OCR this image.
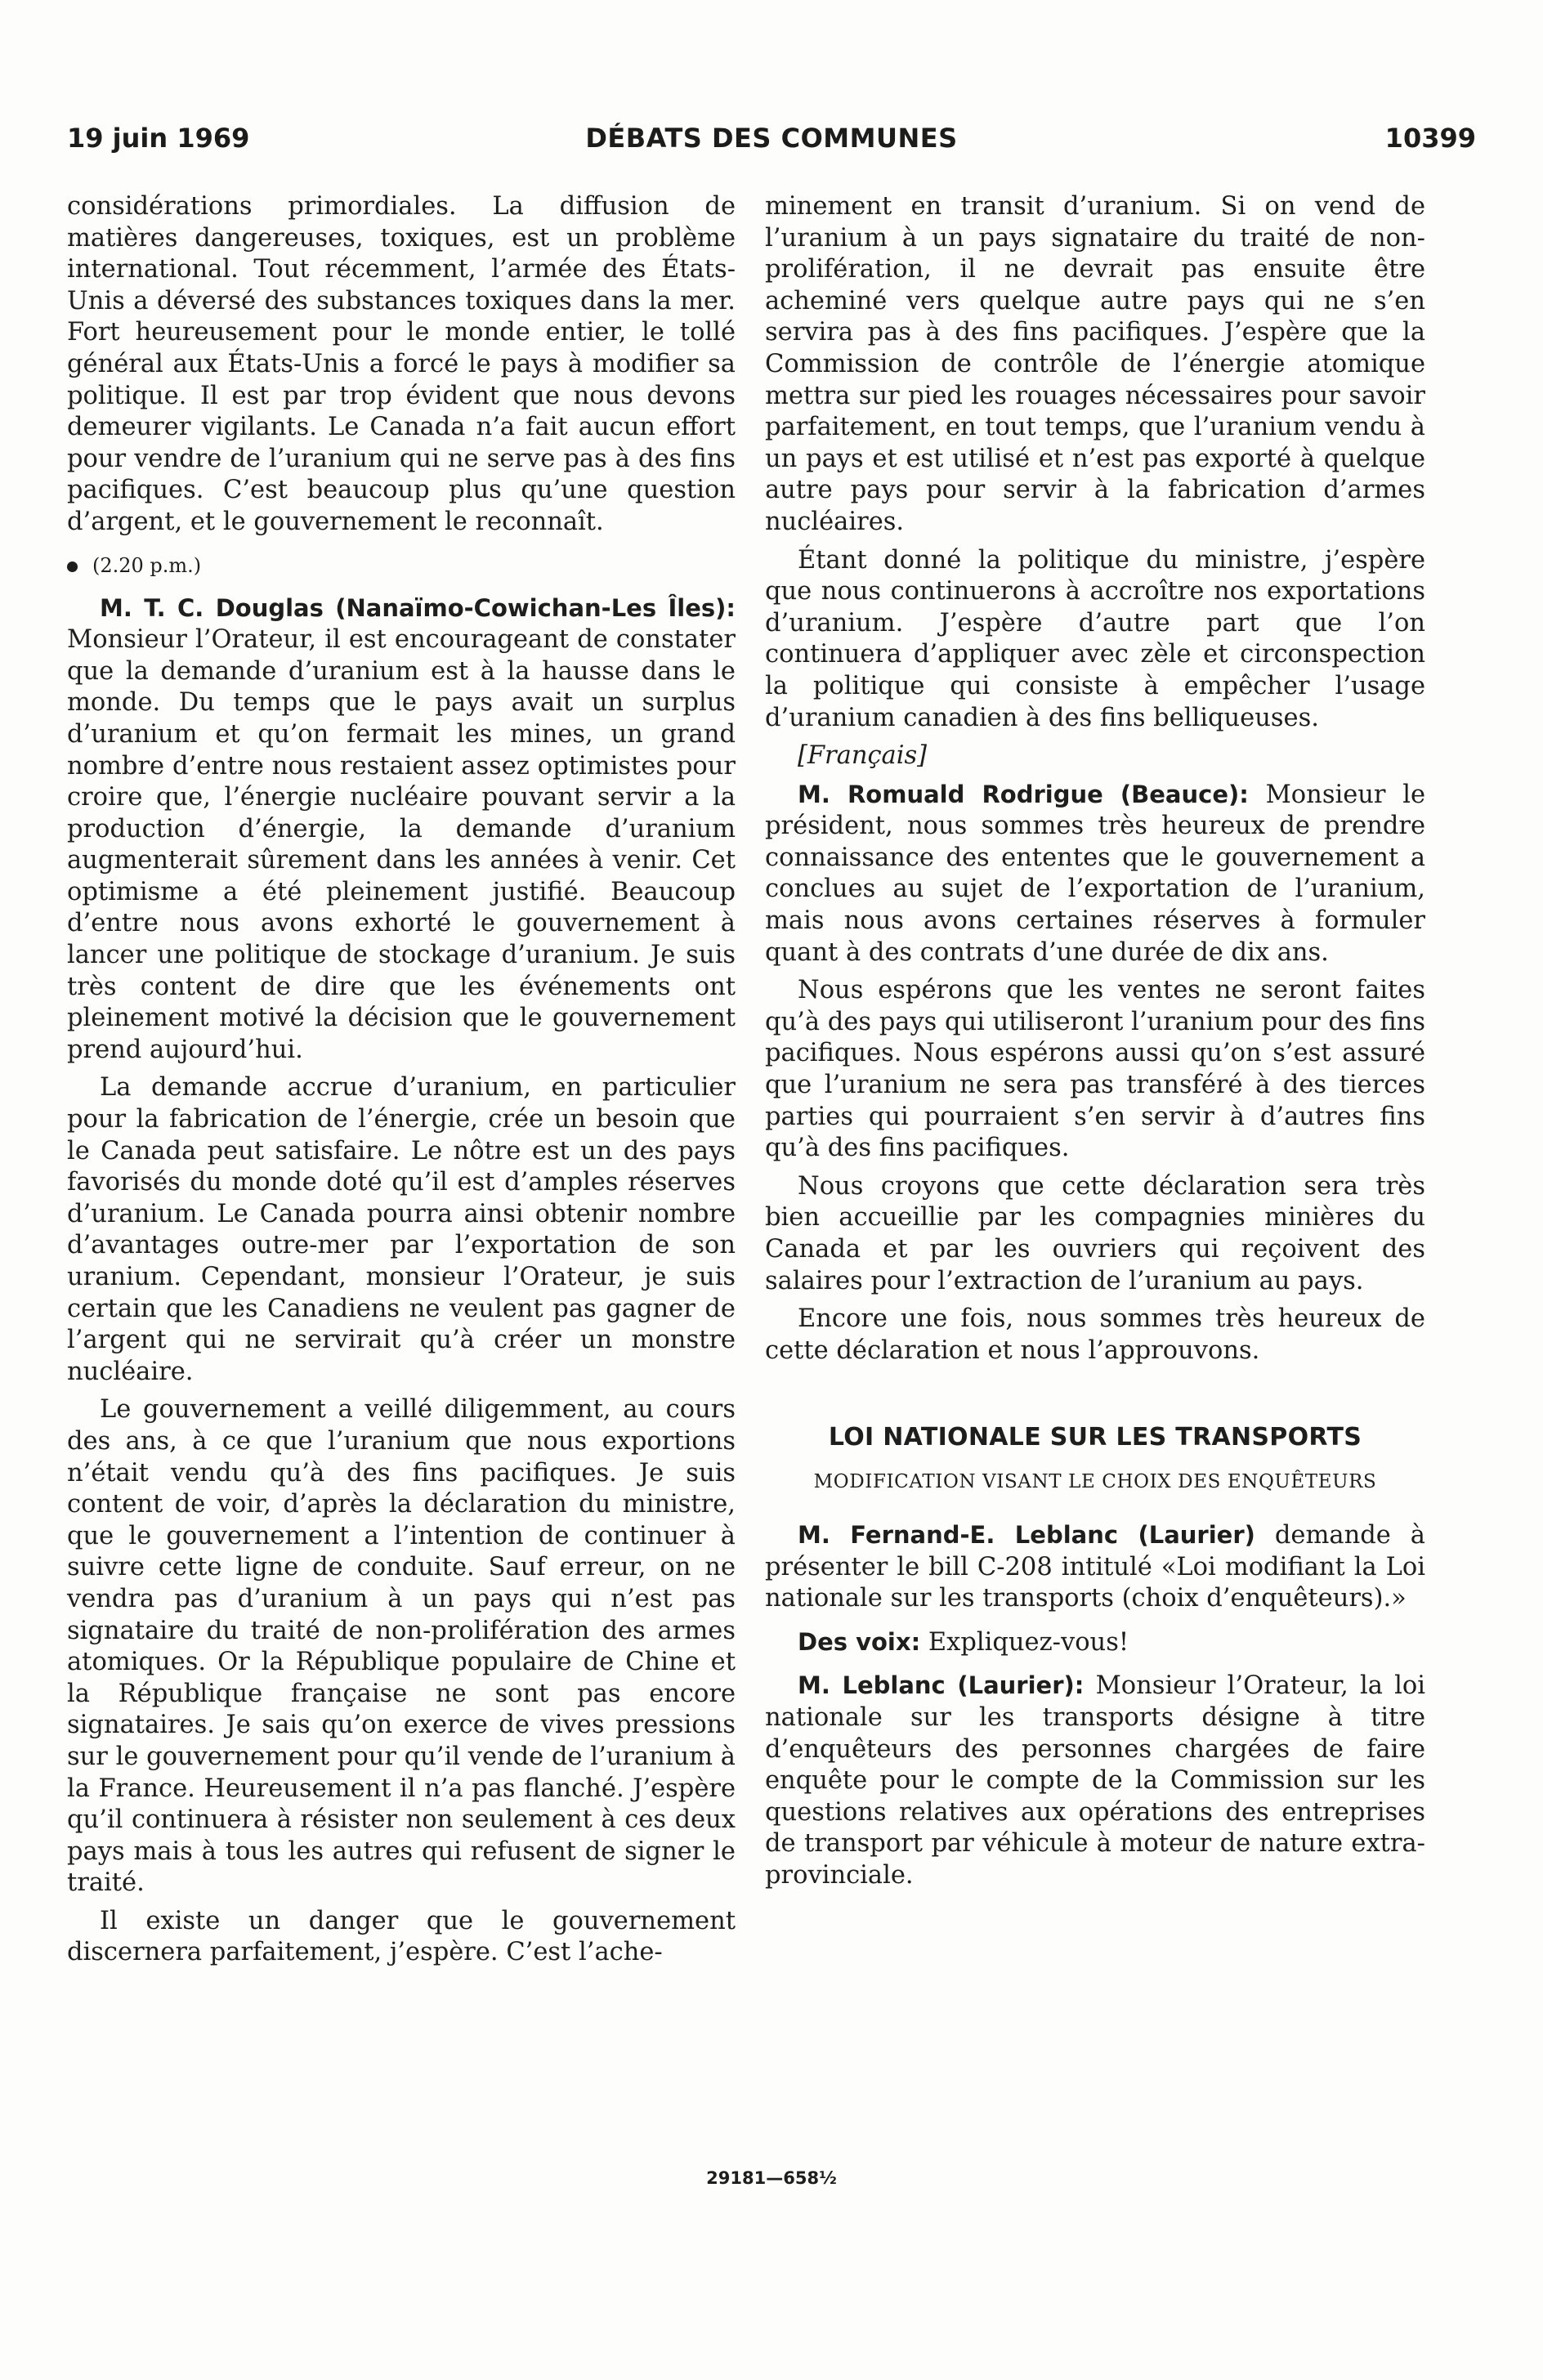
19 juin 1969	DÉBATS DES COMMUNES	10399

considérations primordiales. La diffusion de matières dangereuses, toxiques, est un problème international. Tout récemment, l’armée des États-Unis a déversé des substances toxiques dans la mer. Fort heureusement pour le monde entier, le tollé général aux États-Unis a forcé le pays à modifier sa politique. Il est par trop évident que nous devons demeurer vigilants. Le Canada n’a fait aucun effort pour vendre de l’uranium qui ne serve pas à des fins pacifiques. C’est beaucoup plus qu’une question d’argent, et le gouvernement le reconnaît.

(2.20 p.m.)

M. T. C. Douglas (Nanaïmo-Cowichan-Les Îles): Monsieur l’Orateur, il est encourageant de constater que la demande d’uranium est à la hausse dans le monde. Du temps que le pays avait un surplus d’uranium et qu’on fermait les mines, un grand nombre d’entre nous restaient assez optimistes pour croire que, l’énergie nucléaire pouvant servir a la production d’énergie, la demande d’uranium augmenterait sûrement dans les années à venir. Cet optimisme a été pleinement justifié. Beaucoup d’entre nous avons exhorté le gouvernement à lancer une politique de stockage d’uranium. Je suis très content de dire que les événements ont pleinement motivé la décision que le gouvernement prend aujourd’hui.

La demande accrue d’uranium, en particulier pour la fabrication de l’énergie, crée un besoin que le Canada peut satisfaire. Le nôtre est un des pays favorisés du monde doté qu’il est d’amples réserves d’uranium. Le Canada pourra ainsi obtenir nombre d’avantages outre-mer par l’exportation de son uranium. Cependant, monsieur l’Orateur, je suis certain que les Canadiens ne veulent pas gagner de l’argent qui ne servirait qu’à créer un monstre nucléaire.

Le gouvernement a veillé diligemment, au cours des ans, à ce que l’uranium que nous exportions n’était vendu qu’à des fins pacifiques. Je suis content de voir, d’après la déclaration du ministre, que le gouvernement a l’intention de continuer à suivre cette ligne de conduite. Sauf erreur, on ne vendra pas d’uranium à un pays qui n’est pas signataire du traité de non-prolifération des armes atomiques. Or la République populaire de Chine et la République française ne sont pas encore signataires. Je sais qu’on exerce de vives pressions sur le gouvernement pour qu’il vende de l’uranium à la France. Heureusement il n’a pas flanché. J’espère qu’il continuera à résister non seulement à ces deux pays mais à tous les autres qui refusent de signer le traité.

Il existe un danger que le gouvernement discernera parfaitement, j’espère. C’est l’ache-

minement en transit d’uranium. Si on vend de l’uranium à un pays signataire du traité de non-prolifération, il ne devrait pas ensuite être acheminé vers quelque autre pays qui ne s’en servira pas à des fins pacifiques. J’espère que la Commission de contrôle de l’énergie atomique mettra sur pied les rouages nécessaires pour savoir parfaitement, en tout temps, que l’uranium vendu à un pays et est utilisé et n’est pas exporté à quelque autre pays pour servir à la fabrication d’armes nucléaires.

Étant donné la politique du ministre, j’espère que nous continuerons à accroître nos exportations d’uranium. J’espère d’autre part que l’on continuera d’appliquer avec zèle et circonspection la politique qui consiste à empêcher l’usage d’uranium canadien à des fins belliqueuses.

[Français]

M. Romuald Rodrigue (Beauce): Monsieur le président, nous sommes très heureux de prendre connaissance des ententes que le gouvernement a conclues au sujet de l’exportation de l’uranium, mais nous avons certaines réserves à formuler quant à des contrats d’une durée de dix ans.

Nous espérons que les ventes ne seront faites qu’à des pays qui utiliseront l’uranium pour des fins pacifiques. Nous espérons aussi qu’on s’est assuré que l’uranium ne sera pas transféré à des tierces parties qui pourraient s’en servir à d’autres fins qu’à des fins pacifiques.

Nous croyons que cette déclaration sera très bien accueillie par les compagnies minières du Canada et par les ouvriers qui reçoivent des salaires pour l’extraction de l’uranium au pays.

Encore une fois, nous sommes très heureux de cette déclaration et nous l’approuvons.

LOI NATIONALE SUR LES TRANSPORTS
MODIFICATION VISANT LE CHOIX DES ENQUÊTEURS

M. Fernand-E. Leblanc (Laurier) demande à présenter le bill C-208 intitulé «Loi modifiant la Loi nationale sur les transports (choix d’enquêteurs).»

Des voix: Expliquez-vous!

M. Leblanc (Laurier): Monsieur l’Orateur, la loi nationale sur les transports désigne à titre d’enquêteurs des personnes chargées de faire enquête pour le compte de la Commission sur les questions relatives aux opérations des entreprises de transport par véhicule à moteur de nature extra-provinciale.

29181—658½
